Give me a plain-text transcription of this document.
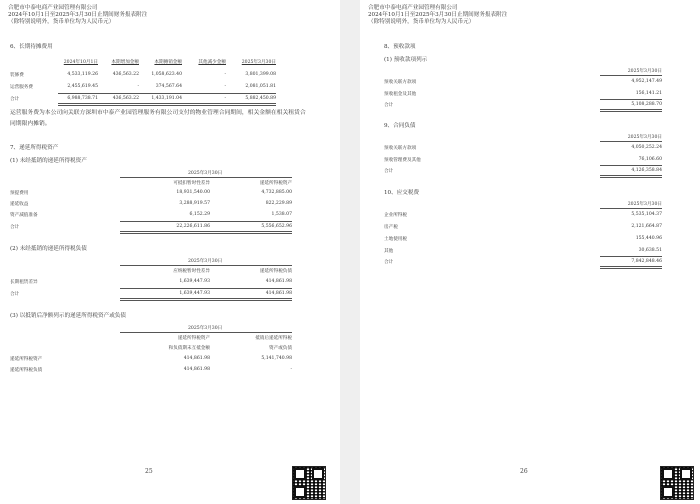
合肥市中泰电商产业园管理有限公司
2024年10月1日至2025年3月30日止期间财务报表附注
（除特别说明外，货币单位均为人民币元）
6、长期待摊费用
2024年10月1日	本期增加金额	本期摊销金额	其他减少金额	2025年3月30日
装修费	4,533,119.26	436,563.22	1,058,623.40	-	3,801,399.08
运营服务费	2,455,619.45	-	374,567.64	-	2,081,051.81
合计	6,988,738.71	436,563.22	1,433,191.04	-	5,882,450.89
运营服务费为本公司向关联方深圳市中泰产业园管理服务有限公司支付的物业管理合同期间，相关金额在相关租赁合同期限内摊销。
7、递延所得税资产
(1) 未经抵销的递延所得税资产
2025年3月30日
可抵扣暂时性差异	递延所得税资产
预提费用	18,931,540.00	4,732,885.00
递延收益	3,288,919.57	822,229.89
资产减值准备	6,152.29	1,538.07
合计	22,226,611.86	5,556,652.96
(2) 未经抵销的递延所得税负债
2025年3月30日
应纳税暂时性差异	递延所得税负债
长期租赁差异	1,639,447.93	414,861.98
合计	1,639,447.93	414,861.98
(3) 以抵销后净额列示的递延所得税资产或负债
2025年3月30日
递延所得税资产	抵销后递延所得税
和负债期末互抵金额	资产或负债
递延所得税资产	414,861.98	5,141,740.98
递延所得税负债	414,861.98	-
25
合肥市中泰电商产业园管理有限公司
2024年10月1日至2025年3月30日止期间财务报表附注
（除特别说明外，货币单位均为人民币元）
8、预收款项
(1) 预收款项列示
2025年3月30日
预收关联方款项	4,952,147.49
预收租金及其他	156,141.21
合计	5,108,288.70
9、合同负债
2025年3月30日
预收关联方款项	4,050,252.24
预收管理费及其他	76,106.60
合计	4,126,358.84
10、应交税费
2025年3月30日
企业所得税	5,535,104.37
房产税	2,121,664.87
土地使用税	155,440.96
其他	30,638.51
合计	7,842,848.46
26
